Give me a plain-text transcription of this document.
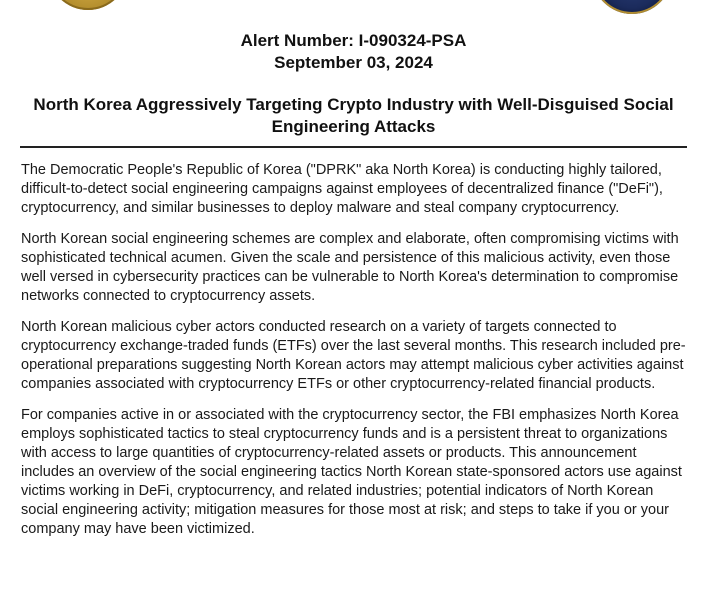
Alert Number: I-090324-PSA

September 03, 2024

North Korea Aggressively Targeting Crypto Industry with Well-Disguised Social Engineering Attacks

The Democratic People's Republic of Korea ("DPRK" aka North Korea) is conducting highly tailored, difficult-to-detect social engineering campaigns against employees of decentralized finance ("DeFi"), cryptocurrency, and similar businesses to deploy malware and steal company cryptocurrency.

North Korean social engineering schemes are complex and elaborate, often compromising victims with sophisticated technical acumen. Given the scale and persistence of this malicious activity, even those well versed in cybersecurity practices can be vulnerable to North Korea's determination to compromise networks connected to cryptocurrency assets.

North Korean malicious cyber actors conducted research on a variety of targets connected to cryptocurrency exchange-traded funds (ETFs) over the last several months. This research included pre-operational preparations suggesting North Korean actors may attempt malicious cyber activities against companies associated with cryptocurrency ETFs or other cryptocurrency-related financial products.

For companies active in or associated with the cryptocurrency sector, the FBI emphasizes North Korea employs sophisticated tactics to steal cryptocurrency funds and is a persistent threat to organizations with access to large quantities of cryptocurrency-related assets or products. This announcement includes an overview of the social engineering tactics North Korean state-sponsored actors use against victims working in DeFi, cryptocurrency, and related industries; potential indicators of North Korean social engineering activity; mitigation measures for those most at risk; and steps to take if you or your company may have been victimized.
